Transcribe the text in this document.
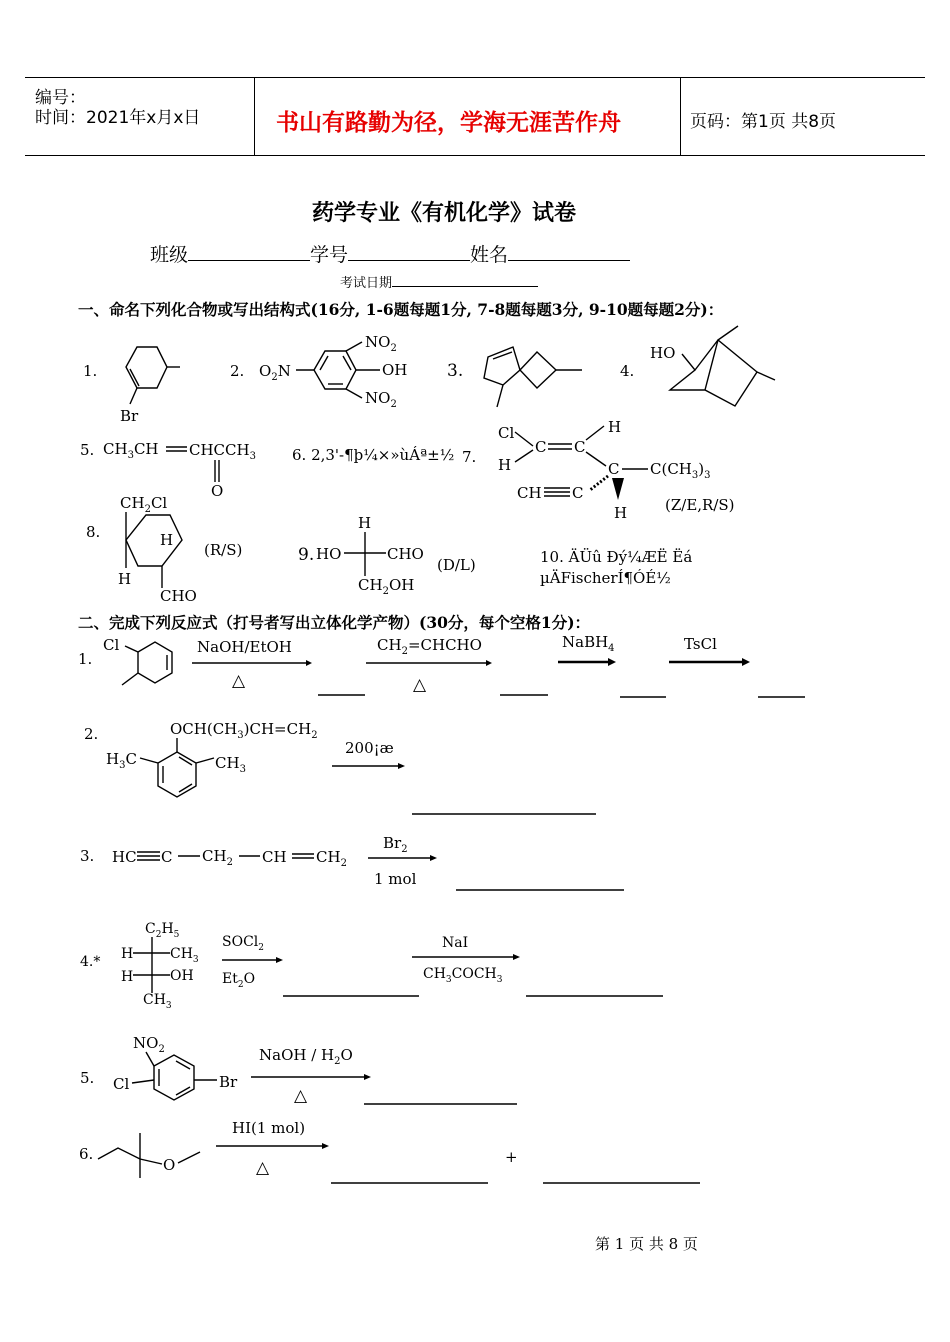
编号：
时间：2021年x月x日	书山有路勤为径，学海无涯苦作舟	页码：第1页 共8页
药学专业《有机化学》试卷
班级	学号	姓名
考试日期
一、命名下列化合物或写出结构式(16分, 1-6题每题1分, 7-8题每题3分, 9-10题每题2分)：
1.
Br
2. $O_2N$
$NO_2$
OH
$NO_2$
3.	4.
HO
5. $CH_3CH$ $CHCCH_3$
O
6. 2,3'-¶þ¼×»ùÁª±½ 7.
Cl
H
C C
H
C $C(CH_3)_3$
H
CH C
(Z/E,R/S)
8.
$CH_2Cl$
H
H
CHO
(R/S)	9. HO
H
CHO
$CH_2OH$
(D/L)	10. ÄÜû Ðý¼ÆË Ëá
µÄFischerÍ¶ÓÉ½
二、完成下列反应式（打号者写出立体化学产物）(30分，每个空格1分)：
1.
Cl	NaOH/EtOH
△
$CH_2=CHCHO$
△
NaBH$_4$	TsCl
2.	$OCH(CH_3)CH=CH_2$
$H_3C$	$CH_3$
200¡æ
3. HC C $CH_2$ CH $CH_2$
$Br_2$
1 mol
4.*
$C_2H_5$
H
H
$CH_3$
OH
$CH_3$
SOCl$_2$
$Et_2O$
NaI
$CH_3COCH_3$
5.
$NO_2$
Cl	Br
NaOH / $H_2O$
△
6.
O
HI(1 mol)
△
+
第 1 页 共 8 页
